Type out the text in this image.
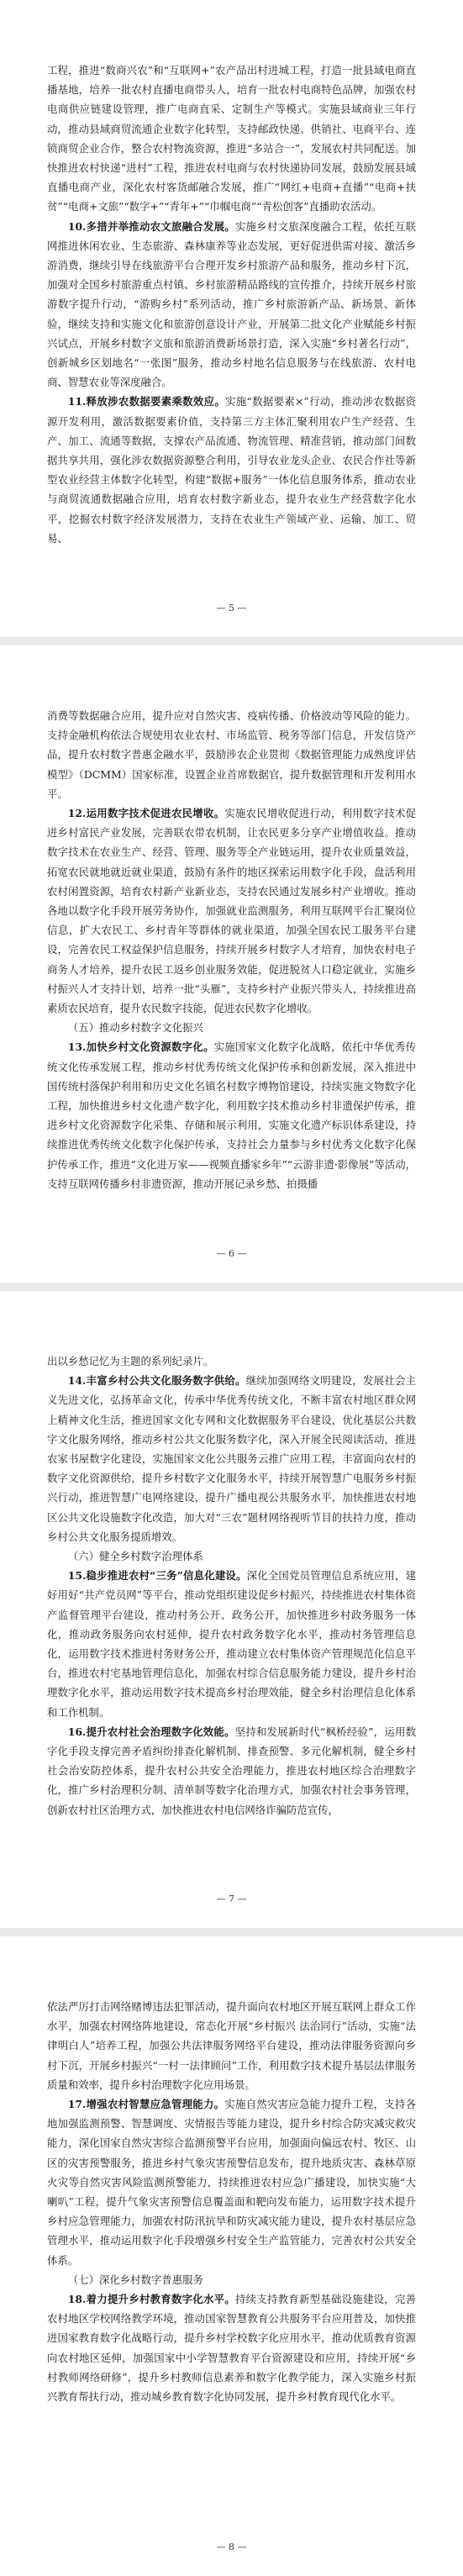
工程，推进“数商兴农”和“互联网+”农产品出村进城工程，打造一批县域电商直播基地，培养一批农村直播电商带头人，培育一批农村电商特色品牌，加强农村电商供应链建设管理，推广电商直采、定制生产等模式。实施县域商业三年行动，推动县域商贸流通企业数字化转型，支持邮政快递、供销社、电商平台、连锁商贸企业合作，整合农村物流资源，推进“多站合一”，发展农村共同配送。加快推进农村快递“进村”工程，推进农村电商与农村快递协同发展，鼓励发展县域直播电商产业，深化农村客货邮融合发展，推广“网红+电商+直播”“电商+扶贫”“电商+文旅”“数字+”“青年+”“巾帼电商”“青松创客”直播助农活动。

10.多措并举推动农文旅融合发展。实施乡村文旅深度融合工程，依托互联网推进休闲农业、生态旅游、森林康养等业态发展，更好促进供需对接、激活乡游消费，继续引导在线旅游平台合理开发乡村旅游产品和服务，推动乡村下沉，加强对全国乡村旅游重点村镇、乡村旅游精品路线的宣传推介，持续开展乡村旅游数字提升行动，“游购乡村”系列活动，推广乡村旅游新产品、新场景、新体验，继续支持和实施文化和旅游创意设计产业，开展第二批文化产业赋能乡村振兴试点，开展乡村数字文旅和旅游消费新场景打造，深入实施“乡村著名行动”，创新城乡区划地名“一张图”服务，推动乡村地名信息服务与在线旅游、农村电商、智慧农业等深度融合。

11.释放涉农数据要素乘数效应。实施“数据要素×”行动，推动涉农数据资源开发利用，激活数据要素价值，支持第三方主体汇聚利用农户生产经营、生产、加工、流通等数据，支撑农产品流通、物流管理、精准营销，推动部门间数据共享共用，强化涉农数据资源整合利用，引导农业龙头企业、农民合作社等新型农业经营主体数字化转型，构建“数据+服务”一体化信息服务体系，推动农业与商贸流通数据融合应用，培育农村数字新业态，提升农业生产经营数字化水平，挖掘农村数字经济发展潜力，支持在农业生产领域产业、运输、加工、贸易、

— 5 —

消费等数据融合应用，提升应对自然灾害、疫病传播、价格波动等风险的能力。支持金融机构依法合规使用农业农村、市场监管、税务等部门信息，开发信贷产品，提升农村数字普惠金融水平，鼓励涉农企业贯彻《数据管理能力成熟度评估模型》（DCMM）国家标准，设置企业首席数据官，提升数据管理和开发利用水平。

12.运用数字技术促进农民增收。实施农民增收促进行动，利用数字技术促进乡村富民产业发展，完善联农带农机制，让农民更多分享产业增值收益。推动数字技术在农业生产、经营、管理、服务等全产业链运用，提升农业质量效益，拓宽农民就地就近就业渠道，鼓励有条件的地区探索运用数字化手段，盘活利用农村闲置资源，培育农村新产业新业态，支持农民通过发展乡村产业增收。推动各地以数字化手段开展劳务协作，加强就业监测服务，利用互联网平台汇聚岗位信息，扩大农民工、乡村青年等群体的就业渠道，加强全国农民工服务平台建设，完善农民工权益保护信息服务，持续开展乡村数字人才培育，加快农村电子商务人才培养，提升农民工返乡创业服务效能，促进脱贫人口稳定就业，实施乡村振兴人才支持计划，培养一批“头雁”，支持乡村产业振兴带头人，持续推进高素质农民培育，提升农民数字技能，促进农民数字化增收。

（五）推动乡村数字文化振兴

13.加快乡村文化资源数字化。实施国家文化数字化战略，依托中华优秀传统文化传承发展工程，推动乡村优秀传统文化保护传承和创新发展，深入推进中国传统村落保护利用和历史文化名镇名村数字博物馆建设，持续实施文物数字化工程，加快推进乡村文化遗产数字化，利用数字技术推动乡村非遗保护传承，推进乡村文化资源数字化采集、存储和展示利用，实施文化遗产标识体系建设，持续推进优秀传统文化数字化保护传承，支持社会力量参与乡村优秀文化数字化保护传承工作，推进“文化进万家——视频直播家乡年”“云游非遗·影像展”等活动，支持互联网传播乡村非遗资源，推动开展记录乡愁、拍摄播

— 6 —

出以乡愁记忆为主题的系列纪录片。

14.丰富乡村公共文化服务数字供给。继续加强网络文明建设，发展社会主义先进文化，弘扬革命文化，传承中华优秀传统文化，不断丰富农村地区群众网上精神文化生活，推进国家文化专网和文化数据服务平台建设，优化基层公共数字文化服务网络，推动乡村公共文化服务数字化，深入开展全民阅读活动，推进农家书屋数字化建设，实施国家文化公共服务云推广应用工程，丰富面向农村的数字文化资源供给，提升乡村数字文化服务水平，持续开展智慧广电服务乡村振兴行动，推进智慧广电网络建设，提升广播电视公共服务水平，加快推进农村地区公共文化设施数字化改造，加大对“三农”题材网络视听节目的扶持力度，推动乡村公共文化服务提质增效。

（六）健全乡村数字治理体系

15.稳步推进农村“三务”信息化建设。深化全国党员管理信息系统应用，建好用好“共产党员网”等平台，推动党组织建设促乡村振兴，持续推进农村集体资产监督管理平台建设，推动村务公开、政务公开，加快推进乡村政务服务一体化，推动政务服务向农村延伸，提升农村政务数字化水平，推动村务管理信息化，运用数字技术推进村务财务公开，推动建立农村集体资产管理规范化信息平台，推进农村宅基地管理信息化，加强农村综合信息服务能力建设，提升乡村治理数字化水平，推动运用数字技术提高乡村治理效能，健全乡村治理信息化体系和工作机制。

16.提升农村社会治理数字化效能。坚持和发展新时代“枫桥经验”，运用数字化手段支撑完善矛盾纠纷排查化解机制、排查预警、多元化解机制，健全乡村社会治安防控体系，提升农村公共安全治理能力，推进农村地区综合治理数字化，推广乡村治理积分制、清单制等数字化治理方式，加强农村社会事务管理，创新农村社区治理方式，加快推进农村电信网络诈骗防范宣传，

— 7 —

依法严厉打击网络赌博违法犯罪活动，提升面向农村地区开展互联网上群众工作水平，加强农村网络阵地建设，常态化开展“乡村振兴 法治同行”活动，实施“法律明白人”培养工程，加强公共法律服务网络平台建设，推动法律服务资源向乡村下沉，开展乡村振兴“一村一法律顾问”工作，利用数字技术提升基层法律服务质量和效率，提升乡村治理数字化应用场景。

17.增强农村智慧应急管理能力。实施自然灾害应急能力提升工程，支持各地加强监测预警、智慧调度、灾情报告等能力建设，提升乡村综合防灾减灾救灾能力，深化国家自然灾害综合监测预警平台应用，加强面向偏远农村、牧区、山区的灾害预警服务，推进乡村气象灾害预警信息发布，提升地质灾害、森林草原火灾等自然灾害风险监测预警能力，持续推进农村应急广播建设，加快实施“大喇叭”工程，提升气象灾害预警信息覆盖面和靶向发布能力，运用数字技术提升乡村应急管理能力，加强农村防汛抗旱和防灾减灾能力建设，提升农村基层应急管理水平，推动运用数字化手段增强乡村安全生产监管能力，完善农村公共安全体系。

（七）深化乡村数字普惠服务

18.着力提升乡村教育数字化水平。持续支持教育新型基础设施建设，完善农村地区学校网络教学环境，推动国家智慧教育公共服务平台应用普及，加快推进国家教育数字化战略行动，提升乡村学校数字化应用水平，推动优质教育资源向农村地区延伸，加强国家中小学智慧教育平台资源建设和应用，持续开展“乡村教师网络研修”，提升乡村教师信息素养和数字化教学能力，深入实施乡村振兴教育帮扶行动，推动城乡教育数字化协同发展，提升乡村教育现代化水平。

— 8 —
